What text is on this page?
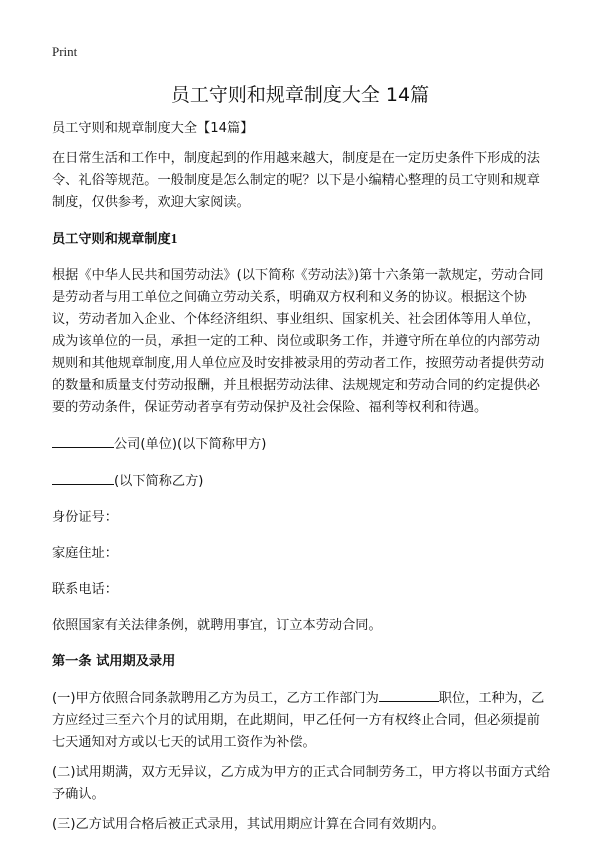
Print
员工守则和规章制度大全 14篇

员工守则和规章制度大全【14篇】

在日常生活和工作中，制度起到的作用越来越大，制度是在一定历史条件下形成的法令、礼俗等规范。一般制度是怎么制定的呢？以下是小编精心整理的员工守则和规章制度，仅供参考，欢迎大家阅读。

员工守则和规章制度1

根据《中华人民共和国劳动法》(以下简称《劳动法》)第十六条第一款规定，劳动合同是劳动者与用工单位之间确立劳动关系，明确双方权利和义务的协议。根据这个协议，劳动者加入企业、个体经济组织、事业组织、国家机关、社会团体等用人单位，成为该单位的一员，承担一定的工种、岗位或职务工作，并遵守所在单位的内部劳动规则和其他规章制度,用人单位应及时安排被录用的劳动者工作，按照劳动者提供劳动的数量和质量支付劳动报酬，并且根据劳动法律、法规规定和劳动合同的约定提供必要的劳动条件，保证劳动者享有劳动保护及社会保险、福利等权利和待遇。

公司(单位)(以下简称甲方)

(以下简称乙方)

身份证号：

家庭住址：

联系电话：

依照国家有关法律条例，就聘用事宜，订立本劳动合同。

第一条 试用期及录用

(一)甲方依照合同条款聘用乙方为员工，乙方工作部门为	职位，工种为，乙方应经过三至六个月的试用期，在此期间，甲乙任何一方有权终止合同，但必须提前七天通知对方或以七天的试用工资作为补偿。

(二)试用期满，双方无异议，乙方成为甲方的正式合同制劳务工，甲方将以书面方式给予确认。

(三)乙方试用合格后被正式录用，其试用期应计算在合同有效期内。
